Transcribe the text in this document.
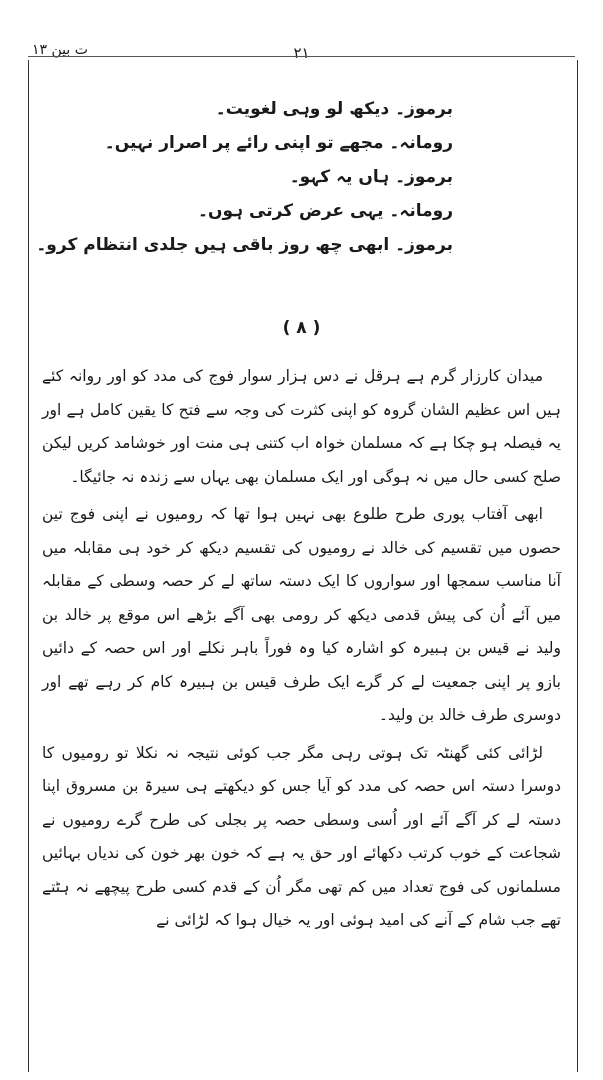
ت بین ۱۳	۲۱
برموز۔ دیکھ لو وہی لغویت۔
رومانہ۔ مجھے تو اپنی رائے پر اصرار نہیں۔
برموز۔ ہاں یہ کہو۔
رومانہ۔ یہی عرض کرتی ہوں۔
برموز۔ ابھی چھ روز باقی ہیں جلدی انتظام کرو۔
( ۸ )

میدان کارزار گرم ہے ہرقل نے دس ہزار سوار فوج کی مدد کو اور روانہ کئے ہیں اس عظیم الشان گروہ کو اپنی کثرت کی وجہ سے فتح کا یقین کامل ہے اور یہ فیصلہ ہو چکا ہے کہ مسلمان خواہ اب کتنی ہی منت اور خوشامد کریں لیکن صلح کسی حال میں نہ ہوگی اور ایک مسلمان بھی یہاں سے زندہ نہ جائیگا۔

ابھی آفتاب پوری طرح طلوع بھی نہیں ہوا تھا کہ رومیوں نے اپنی فوج تین حصوں میں تقسیم کی خالد نے رومیوں کی تقسیم دیکھ کر خود ہی مقابلہ میں آنا مناسب سمجھا اور سواروں کا ایک دستہ ساتھ لے کر حصہ وسطی کے مقابلہ میں آئے اُن کی پیش قدمی دیکھ کر رومی بھی آگے بڑھے اس موقع پر خالد بن ولید نے قیس بن ہبیرہ کو اشارہ کیا وہ فوراً باہر نکلے اور اس حصہ کے دائیں بازو پر اپنی جمعیت لے کر گرے ایک طرف قیس بن ہبیرہ کام کر رہے تھے اور دوسری طرف خالد بن ولید۔

لڑائی کئی گھنٹہ تک ہوتی رہی مگر جب کوئی نتیجہ نہ نکلا تو رومیوں کا دوسرا دستہ اس حصہ کی مدد کو آیا جس کو دیکھتے ہی سیرۃ بن مسروق اپنا دستہ لے کر آگے آئے اور اُسی وسطی حصہ پر بجلی کی طرح گرے رومیوں نے شجاعت کے خوب کرتب دکھائے اور حق یہ ہے کہ خون بھر خون کی ندیاں بہائیں مسلمانوں کی فوج تعداد میں کم تھی مگر اُن کے قدم کسی طرح پیچھے نہ ہٹتے تھے جب شام کے آنے کی امید ہوئی اور یہ خیال ہوا کہ لڑائی نے
